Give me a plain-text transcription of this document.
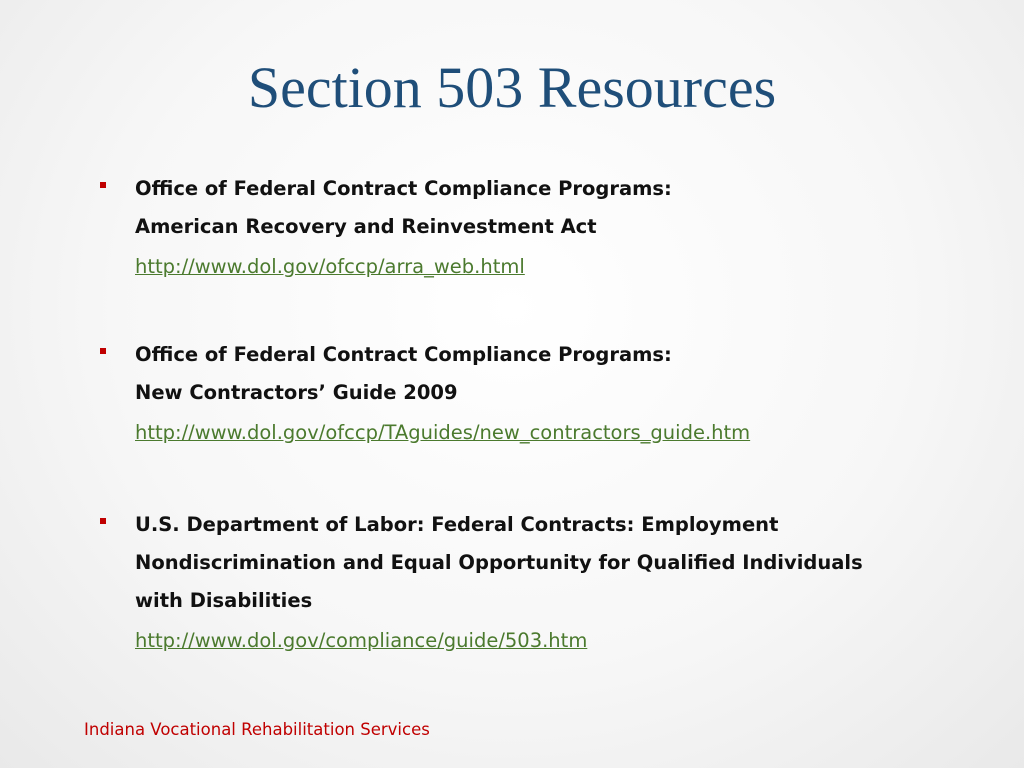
Section 503 Resources
Office of Federal Contract Compliance Programs:
American Recovery and Reinvestment Act
http://www.dol.gov/ofccp/arra_web.html
Office of Federal Contract Compliance Programs:
New Contractors’ Guide 2009
http://www.dol.gov/ofccp/TAguides/new_contractors_guide.htm
U.S. Department of Labor: Federal Contracts: Employment
Nondiscrimination and Equal Opportunity for Qualified Individuals
with Disabilities
http://www.dol.gov/compliance/guide/503.htm
Indiana Vocational Rehabilitation Services
